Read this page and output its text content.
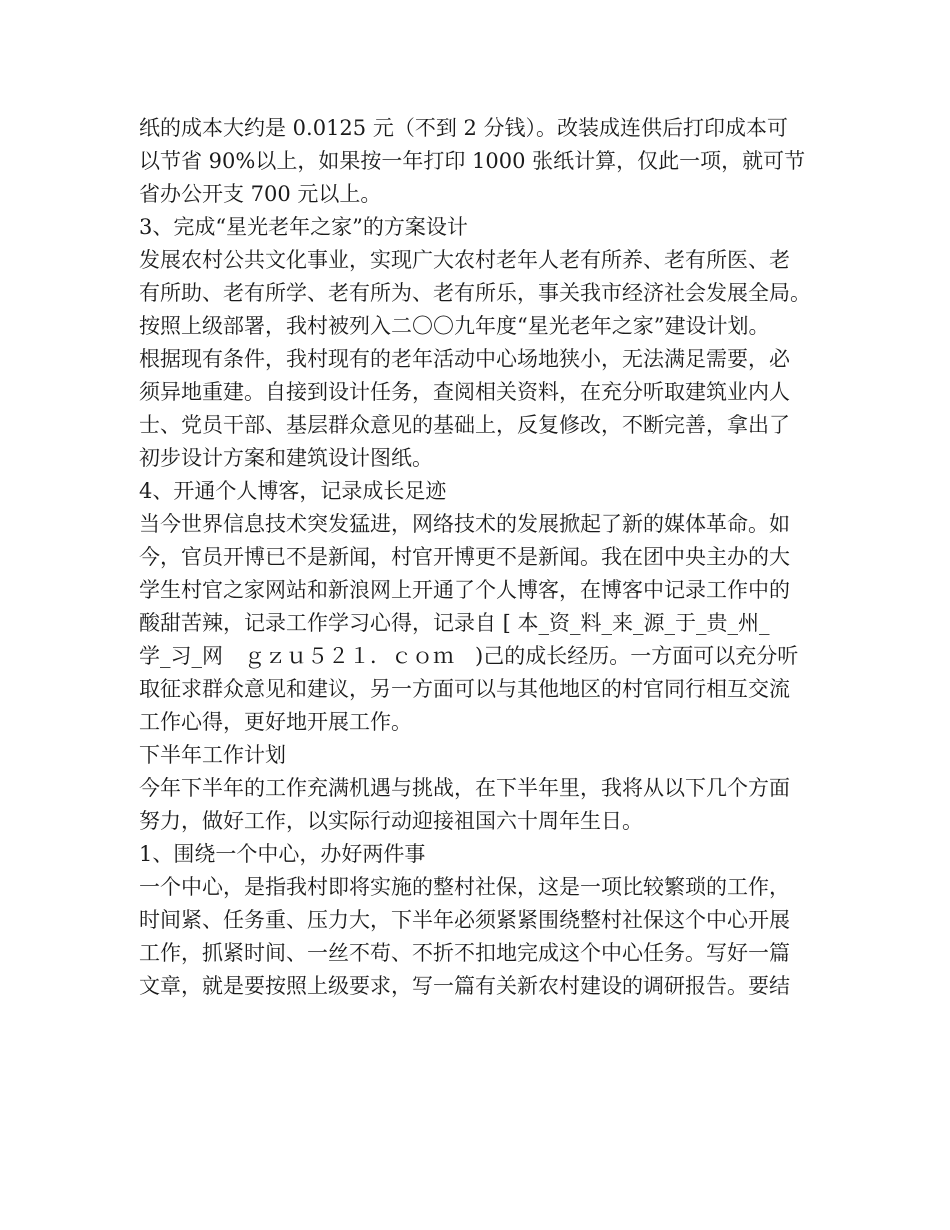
纸的成本大约是 0.0125 元（不到 2 分钱）。改装成连供后打印成本可
以节省 90%以上，如果按一年打印 1000 张纸计算，仅此一项，就可节
省办公开支 700 元以上。
3、完成“星光老年之家”的方案设计
发展农村公共文化事业，实现广大农村老年人老有所养、老有所医、老
有所助、老有所学、老有所为、老有所乐，事关我市经济社会发展全局。
按照上级部署，我村被列入二〇〇九年度“星光老年之家”建设计划。
根据现有条件，我村现有的老年活动中心场地狭小，无法满足需要，必
须异地重建。自接到设计任务，查阅相关资料，在充分听取建筑业内人
士、党员干部、基层群众意见的基础上，反复修改，不断完善，拿出了
初步设计方案和建筑设计图纸。
4、开通个人博客，记录成长足迹
当今世界信息技术突发猛进，网络技术的发展掀起了新的媒体革命。如
今，官员开博已不是新闻，村官开博更不是新闻。我在团中央主办的大
学生村官之家网站和新浪网上开通了个人博客，在博客中记录工作中的
酸甜苦辣，记录工作学习心得，记录自 [ 本_资_料_来_源_于_贵_州_
学_习_网　ｇｚｕ５２１．ｃｏｍ　)己的成长经历。一方面可以充分听
取征求群众意见和建议，另一方面可以与其他地区的村官同行相互交流
工作心得，更好地开展工作。
下半年工作计划
今年下半年的工作充满机遇与挑战，在下半年里，我将从以下几个方面
努力，做好工作，以实际行动迎接祖国六十周年生日。
1、围绕一个中心，办好两件事
一个中心，是指我村即将实施的整村社保，这是一项比较繁琐的工作，
时间紧、任务重、压力大，下半年必须紧紧围绕整村社保这个中心开展
工作，抓紧时间、一丝不苟、不折不扣地完成这个中心任务。写好一篇
文章，就是要按照上级要求，写一篇有关新农村建设的调研报告。要结
